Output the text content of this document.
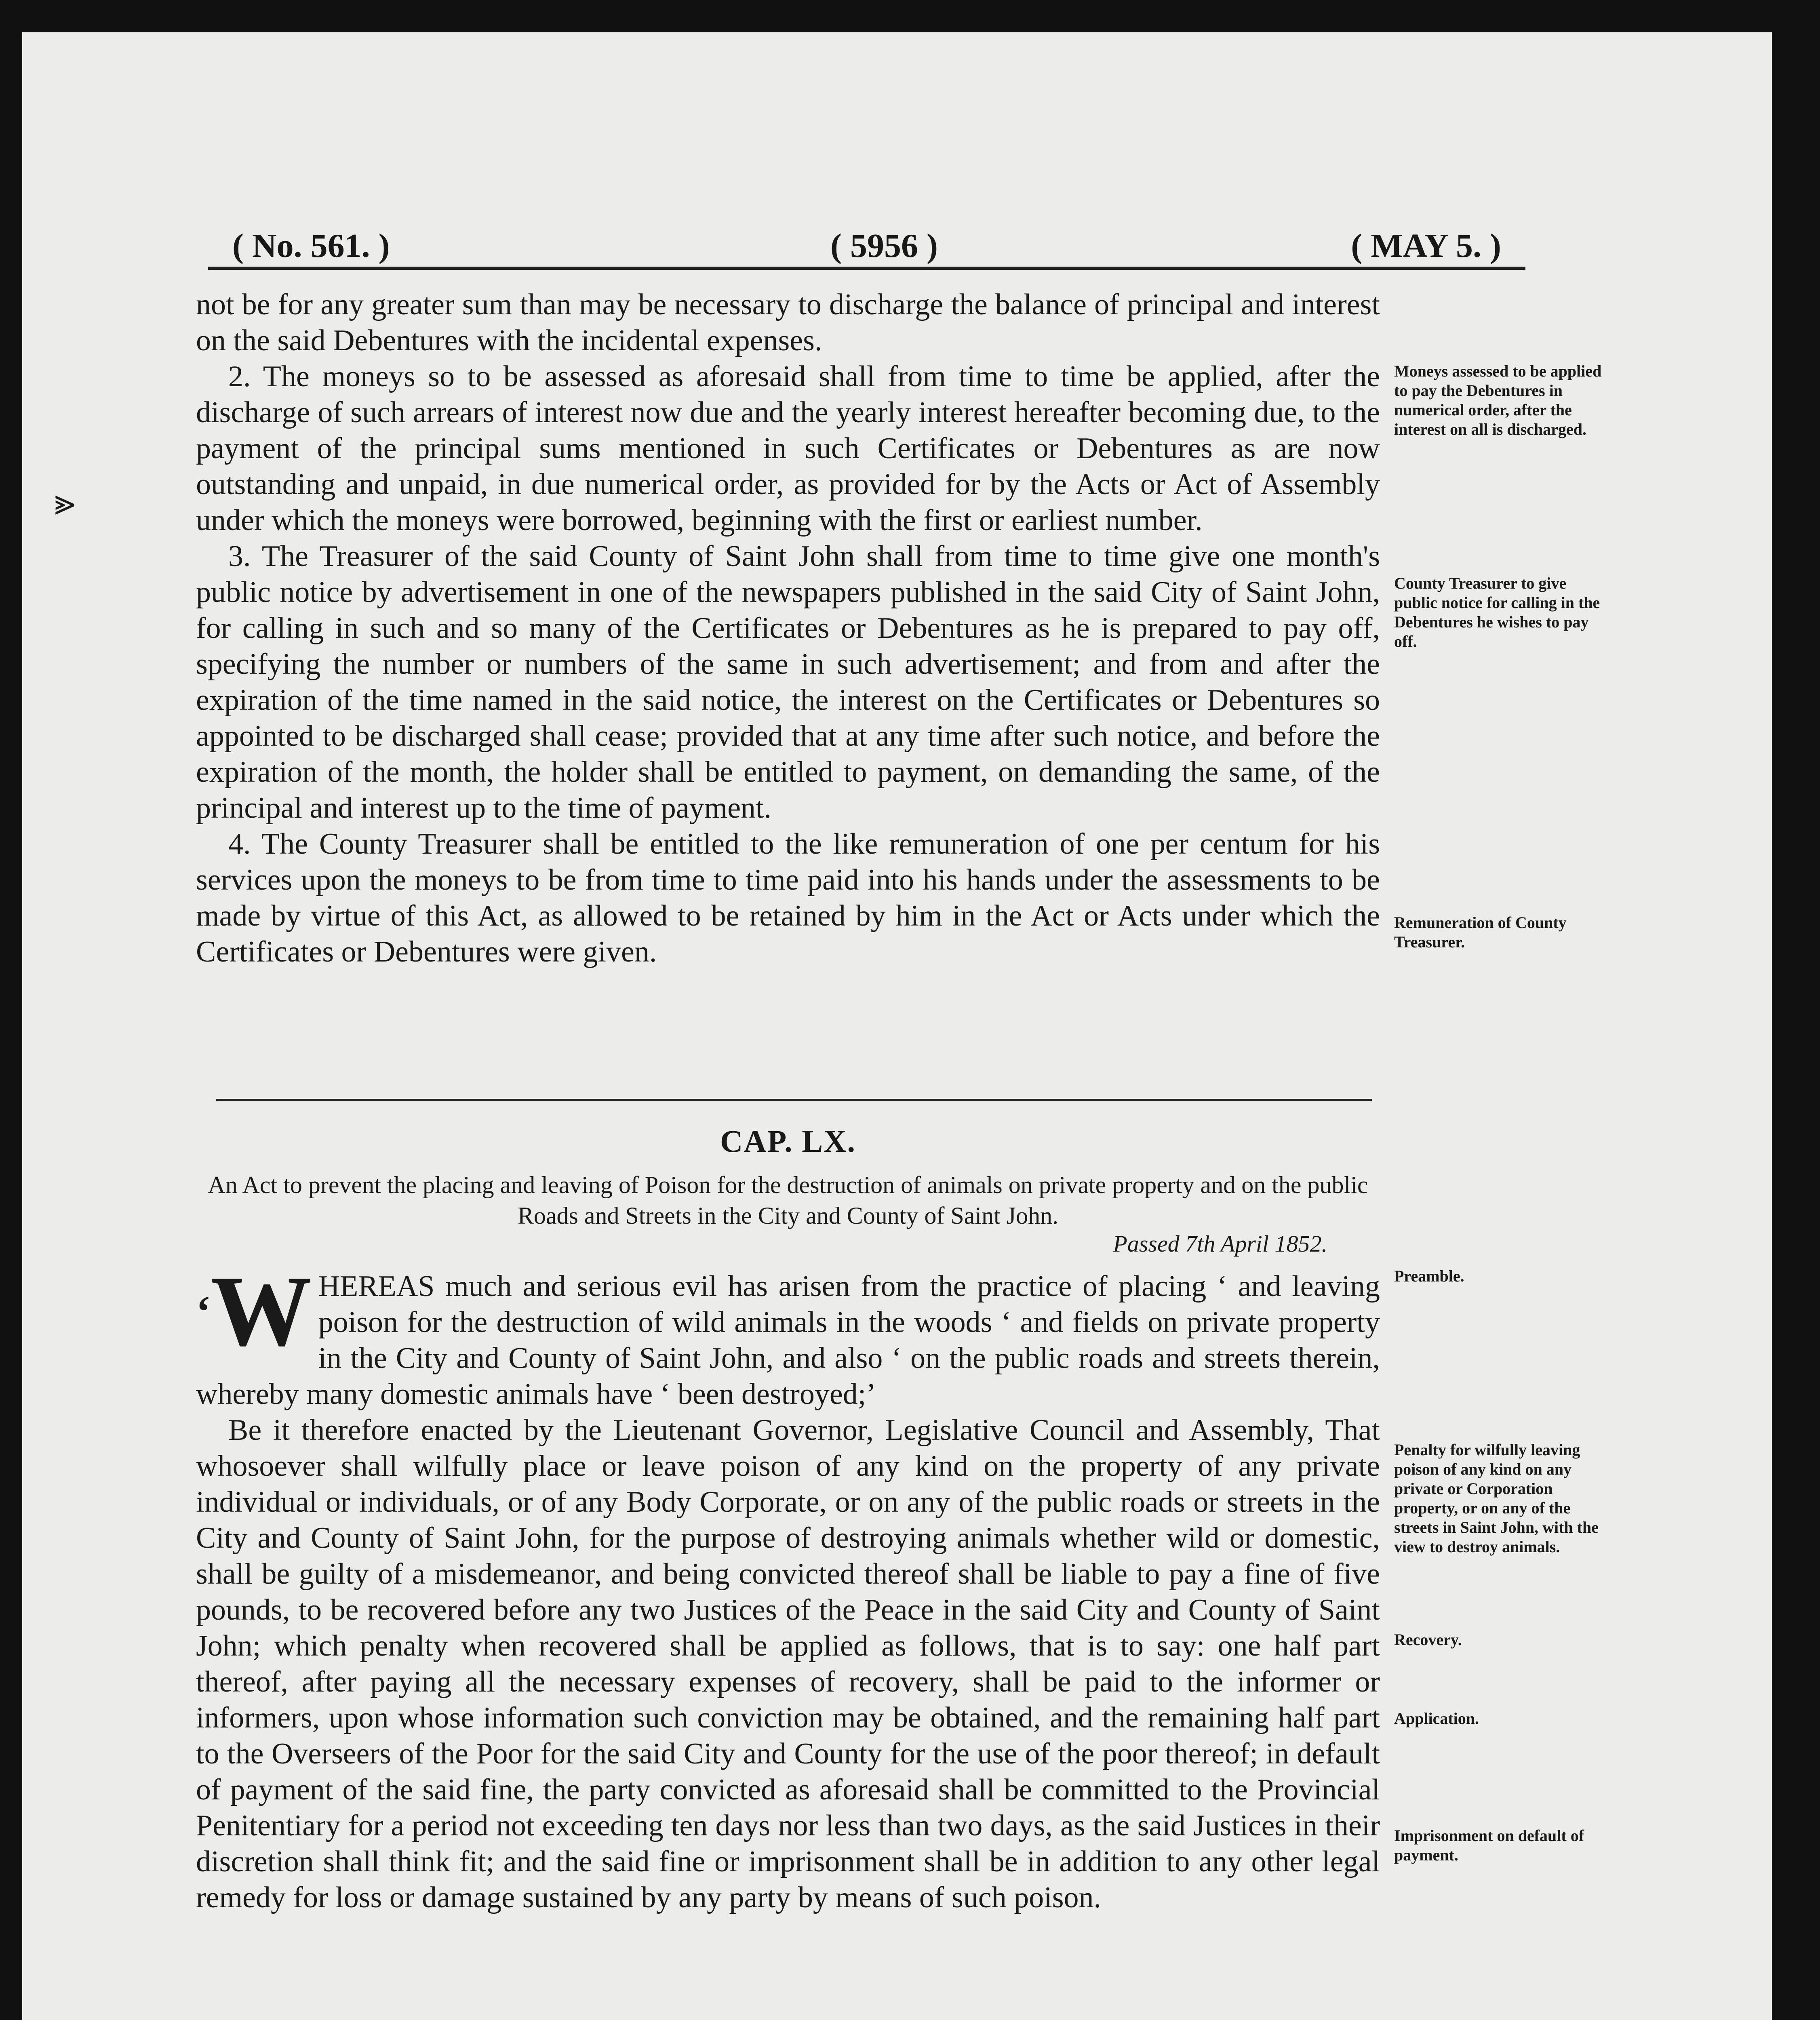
( No. 561. )	( 5956 )	( MAY 5. )

not be for any greater sum than may be necessary to discharge the balance of principal and interest on the said Debentures with the incidental expenses.

2. The moneys so to be assessed as aforesaid shall from time to time be applied, after the discharge of such arrears of interest now due and the yearly interest hereafter becoming due, to the payment of the principal sums mentioned in such Certificates or Debentures as are now outstanding and unpaid, in due numerical order, as provided for by the Acts or Act of Assembly under which the moneys were borrowed, beginning with the first or earliest number.

3. The Treasurer of the said County of Saint John shall from time to time give one month's public notice by advertisement in one of the newspapers published in the said City of Saint John, for calling in such and so many of the Certificates or Debentures as he is prepared to pay off, specifying the number or numbers of the same in such advertisement; and from and after the expiration of the time named in the said notice, the interest on the Certificates or Debentures so appointed to be discharged shall cease; provided that at any time after such notice, and before the expiration of the month, the holder shall be entitled to payment, on demanding the same, of the principal and interest up to the time of payment.

4. The County Treasurer shall be entitled to the like remuneration of one per centum for his services upon the moneys to be from time to time paid into his hands under the assessments to be made by virtue of this Act, as allowed to be retained by him in the Act or Acts under which the Certificates or Debentures were given.

Moneys assessed to be applied to pay the Debentures in numerical order, after the interest on all is discharged.
County Treasurer to give public notice for calling in the Debentures he wishes to pay off.
Remuneration of County Treasurer.
CAP. LX.
An Act to prevent the placing and leaving of Poison for the destruction of animals on private property and on the public Roads and Streets in the City and County of Saint John.
Passed 7th April 1852.

‘W HEREAS much and serious evil has arisen from the practice of placing ‘ and leaving poison for the destruction of wild animals in the woods ‘ and fields on private property in the City and County of Saint John, and also ‘ on the public roads and streets therein, whereby many domestic animals have ‘ been destroyed;’

Be it therefore enacted by the Lieutenant Governor, Legislative Council and Assembly, That whosoever shall wilfully place or leave poison of any kind on the property of any private individual or individuals, or of any Body Corporate, or on any of the public roads or streets in the City and County of Saint John, for the purpose of destroying animals whether wild or domestic, shall be guilty of a misdemeanor, and being convicted thereof shall be liable to pay a fine of five pounds, to be recovered before any two Justices of the Peace in the said City and County of Saint John; which penalty when recovered shall be applied as follows, that is to say: one half part thereof, after paying all the necessary expenses of recovery, shall be paid to the informer or informers, upon whose information such conviction may be obtained, and the remaining half part to the Overseers of the Poor for the said City and County for the use of the poor thereof; in default of payment of the said fine, the party convicted as aforesaid shall be committed to the Provincial Penitentiary for a period not exceeding ten days nor less than two days, as the said Justices in their discretion shall think fit; and the said fine or imprisonment shall be in addition to any other legal remedy for loss or damage sustained by any party by means of such poison.

Preamble.
Penalty for wilfully leaving poison of any kind on any private or Corporation property, or on any of the streets in Saint John, with the view to destroy animals.
Recovery.
Application.
Imprisonment on default of payment.

⪢
